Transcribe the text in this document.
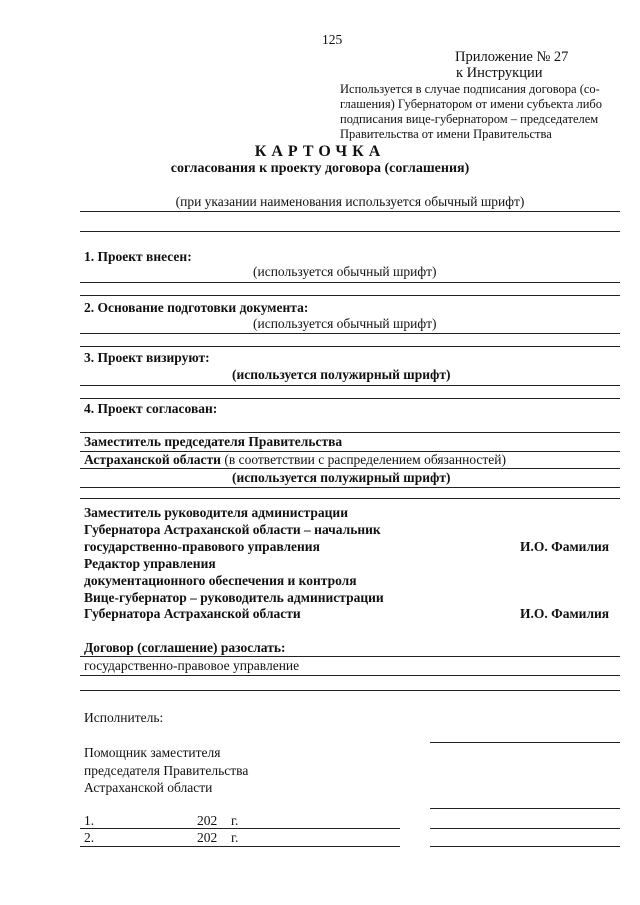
125
Приложение № 27
к Инструкции
Используется в случае подписания договора (со-
глашения) Губернатором от имени субъекта либо
подписания вице-губернатором – председателем
Правительства от имени Правительства
КАРТОЧКА
согласования к проекту договора (соглашения)
(при указании наименования используется обычный шрифт)
1. Проект внесен:
(используется обычный шрифт)
2. Основание подготовки документа:
(используется обычный шрифт)
3. Проект визируют:
(используется полужирный шрифт)
4. Проект согласован:
Заместитель председателя Правительства
Астраханской области (в соответствии с распределением обязанностей)
(используется полужирный шрифт)
Заместитель руководителя администрации
Губернатора Астраханской области – начальник
государственно-правового управления	И.О. Фамилия
Редактор управления
документационного обеспечения и контроля
Вице-губернатор – руководитель администрации
Губернатора Астраханской области	И.О. Фамилия
Договор (соглашение) разослать:
государственно-правовое управление
Исполнитель:
Помощник заместителя
председателя Правительства
Астраханской области
1.	202 г.
2.	202 г.
